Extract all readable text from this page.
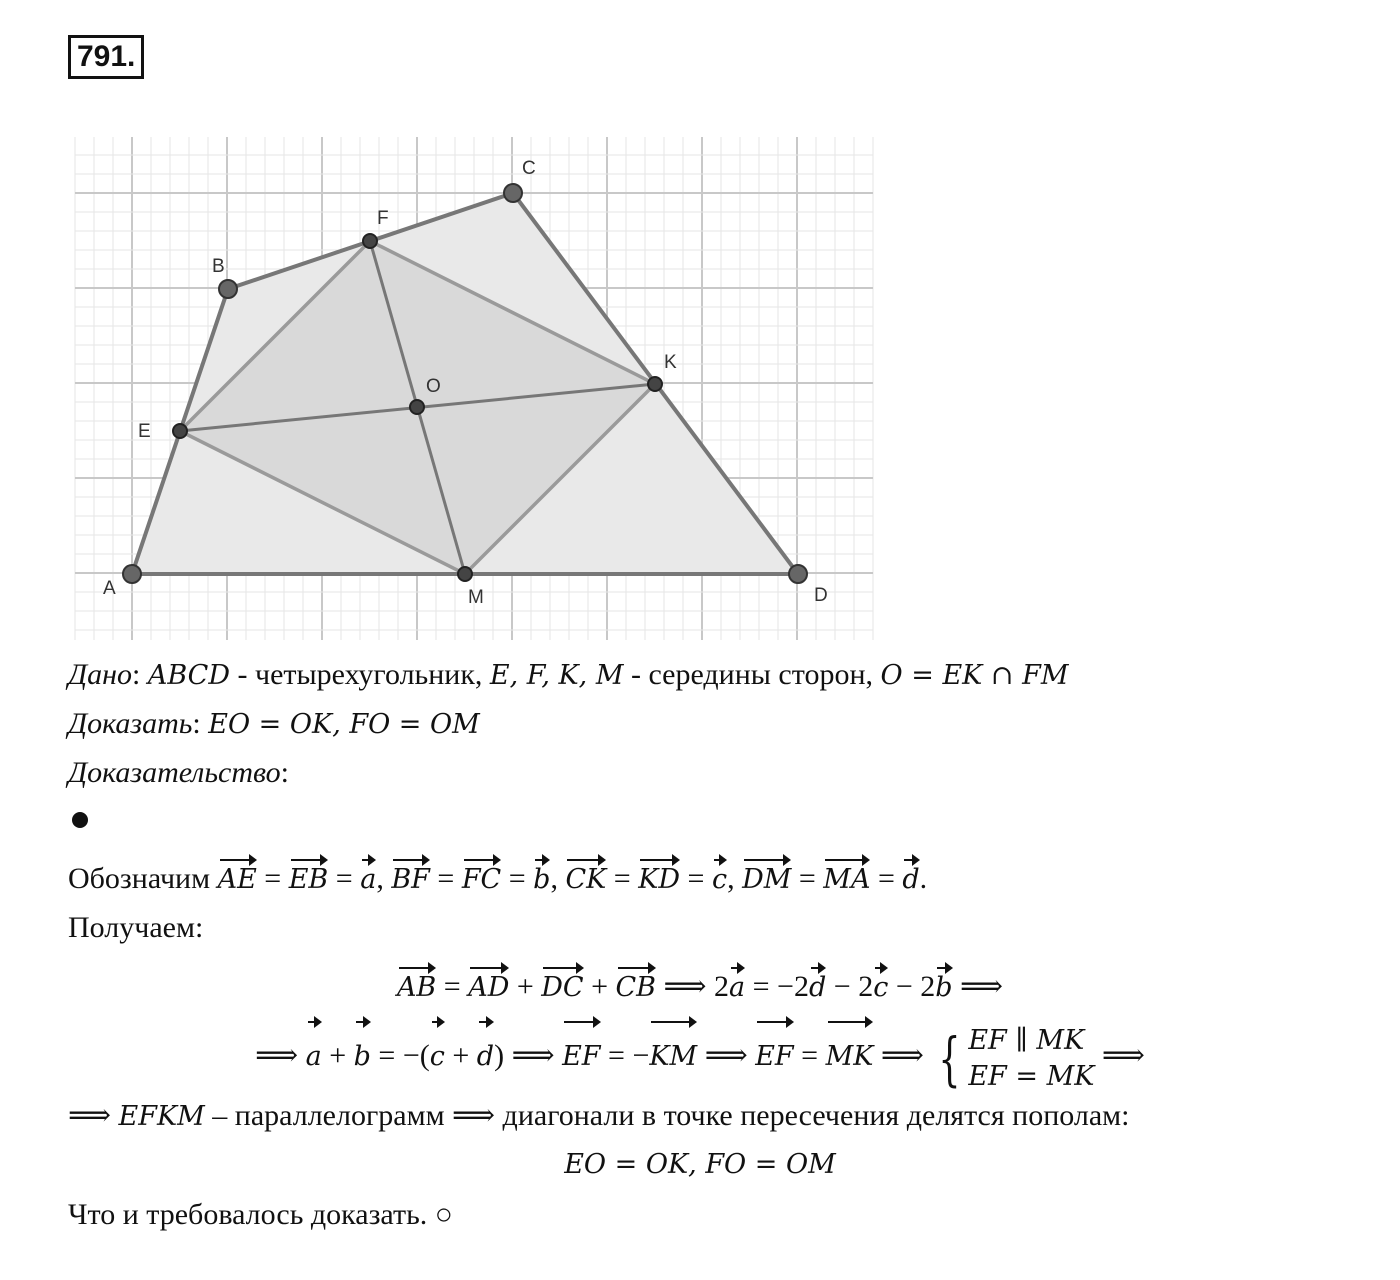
791.
A
B
C
D
E
F
K
M
O
Дано: ABCD - четырехугольник, E, F, K, M - середины сторон, O = EK ∩ FM
Доказать: EO = OK, FO = OM
Доказательство:
Обозначим AE = EB = a, BF = FC = b, CK = KD = c, DM = MA = d.
Получаем:
AB = AD + DC + CB ⟹ 2a = −2d − 2c − 2b ⟹
⟹ a + b = −(c + d) ⟹ EF = −KM ⟹ EF = MK ⟹ { EF ∥ MK
EF = MK ⟹
⟹ EFKM – параллелограмм ⟹ диагонали в точке пересечения делятся пополам:
EO = OK, FO = OM
Что и требовалось доказать. ○
